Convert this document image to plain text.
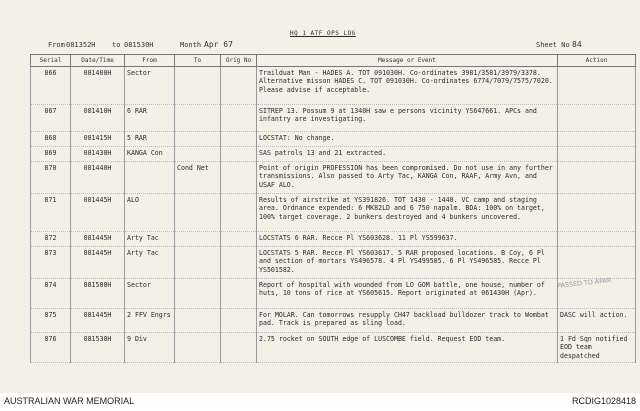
From 081352H to 081530H	Month Apr 67
HQ 1 ATF OPS LOG
Sheet No 84
Serial	Date/Time	From	To	Orig No	Message or Event	Action
866	081400H	Sector			Trailduat Man - HADES A. TOT 091030H. Co-ordinates 3981/3581/3979/3378. Alternative misson HADES C. TOT 091030H. Co-ordinates 6774/7079/7575/7020. Please advise if acceptable.	
867	081410H	6 RAR			SITREP 13. Possum 9 at 1340H saw e persons vicinity YS647661. APCs and infantry are investigating.	
868	081415H	5 RAR			LOCSTAT: No change.	
869	081430H	KANGA Con			SAS patrols 13 and 21 extracted.	
870	081440H		Cond Net		Point of origin PROFESSION has been compromised. Do not use in any further transmissions. Also passed to Arty Tac, KANGA Con, RAAF, Army Avn, and USAF ALO.	
871	081445H	ALO			Results of airstrike at YS391826. TOT 1430 - 1440. VC camp and staging area. Ordnance expended: 6 MK82LD and 6 750 napalm. BDA: 100% on target, 100% target coverage. 2 bunkers destroyed and 4 bunkers uncovered.	
872	081445H	Arty Tac			LOCSTATS 6 RAR. Recce Pl YS603628. 11 Pl YS599637.	
873	081445H	Arty Tac			LOCSTATS 5 RAR. Recce Pl YS603617. 5 RAR proposed locations. B Coy, 6 Pl and section of mortars YS496578. 4 Pl YS499585. 6 Pl YS496585. Recce Pl YS501582.	
874	081500H	Sector			Report of hospital with wounded from LO GOM battle, one house, number of huts, 10 tons of rice at YS605615. Report originated at 061430H (Apr).	
875	081445H	2 FFV Engrs			For MOLAR. Can tomorrows resupply CH47 backload bulldozer track to Wombat pad. Track is prepared as sling load.	DASC will action.
876	081530H	9 Div			2.75 rocket on SOUTH edge of LUSCOMBE field. Request EOD team.	1 Fd Sqn notified EOD team despatched
PASSED TO APAR
AUSTRALIAN WAR MEMORIAL	RCDIG1028418
